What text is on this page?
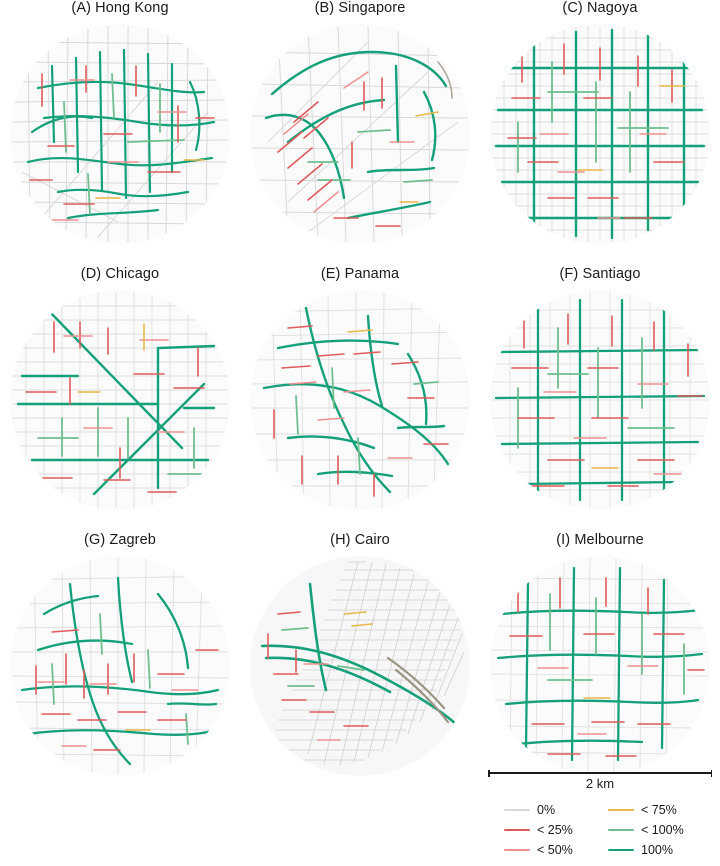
(A) Hong Kong	(B) Singapore	(C) Nagoya
(D) Chicago	(E) Panama	(F) Santiago
(G) Zagreb	(H) Cairo	(I) Melbourne
2 km
0%	< 75%
< 25%	< 100%
< 50%	100%
